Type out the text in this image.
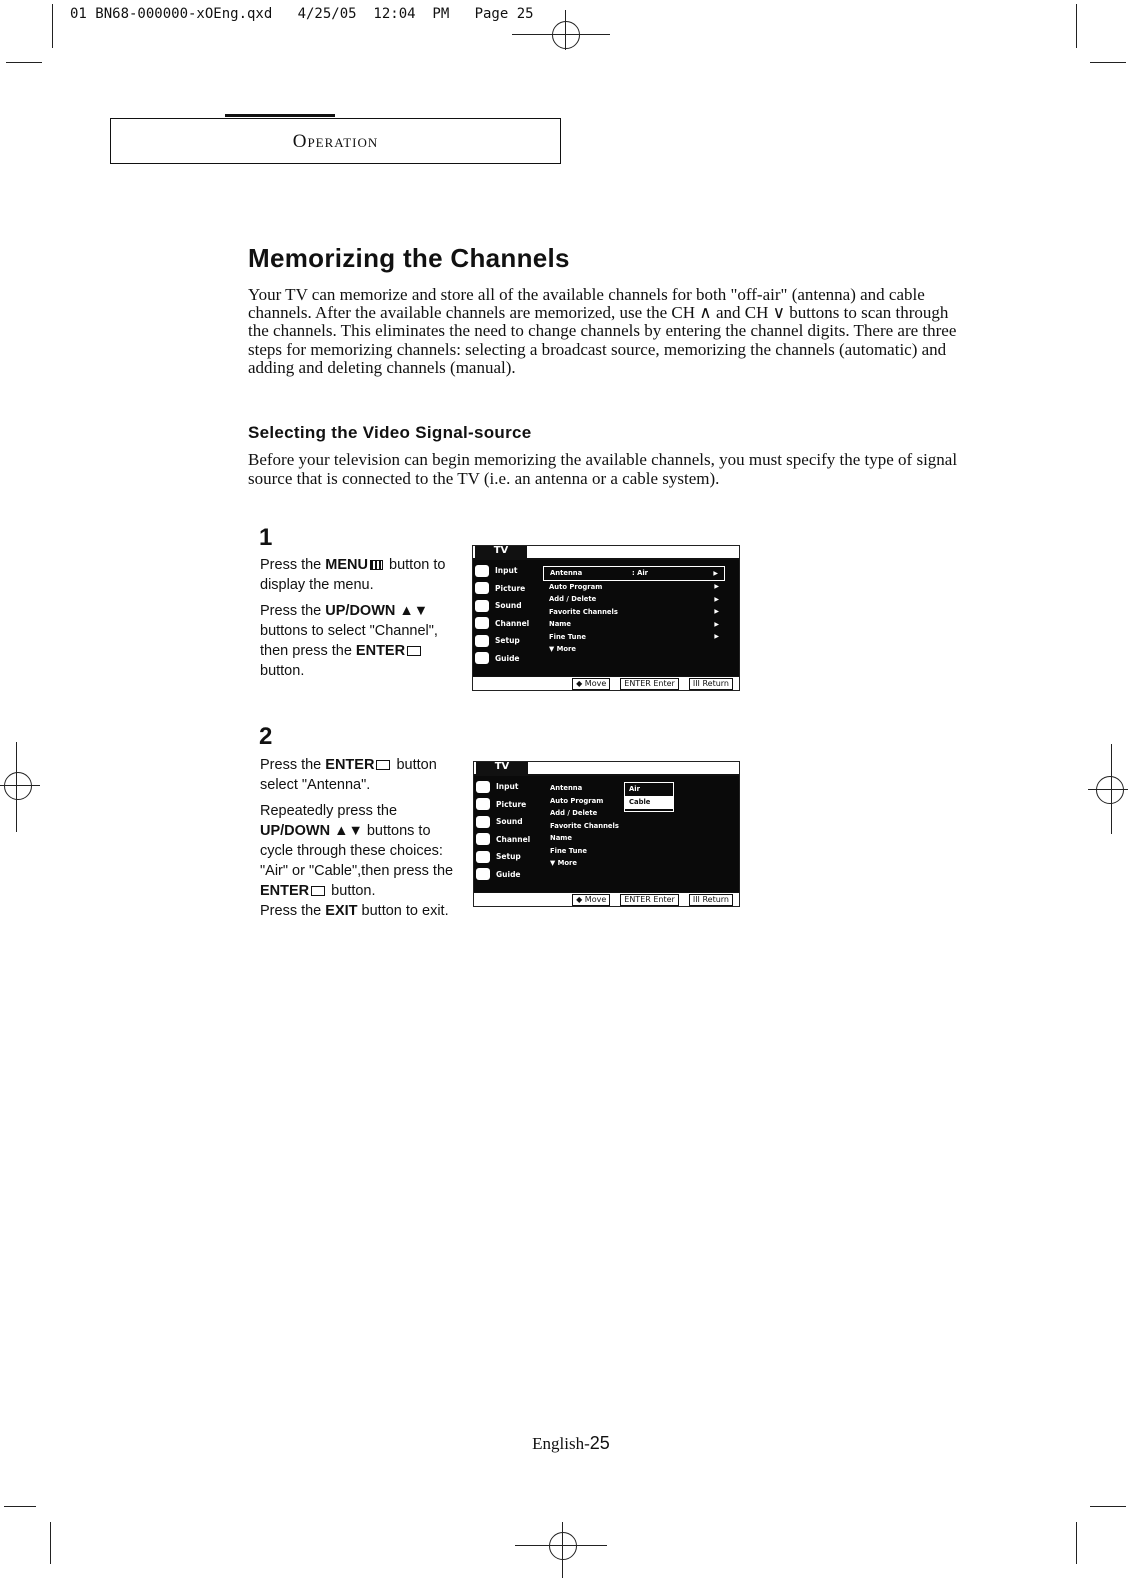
01 BN68-000000-xOEng.qxd   4/25/05  12:04  PM   Page 25
Operation
Memorizing the Channels
Your TV can memorize and store all of the available channels for both "off-air" (antenna) and cable channels. After the available channels are memorized, use the CH ∧ and CH ∨ buttons to scan through the channels. This eliminates the need to change channels by entering the channel digits. There are three steps for memorizing channels: selecting a broadcast source, memorizing the channels (automatic) and adding and deleting channels (manual).
Selecting the Video Signal-source
Before your television can begin memorizing the available channels, you must specify the type of signal source that is connected to the TV (i.e. an antenna or a cable system).
1

Press the MENU button to display the menu.

Press the UP/DOWN ▲▼ buttons to select "Channel", then press the ENTER button.

TV
Input
Picture
Sound
Channel
Setup
Guide
Antenna	: Air	▶
Auto Program	▶
Add / Delete	▶
Favorite Channels	▶
Name	▶
Fine Tune	▶
▼ More
◆ Move	ENTER Enter	III Return
2

Press the ENTER button select "Antenna".

Repeatedly press the UP/DOWN ▲▼ buttons to cycle through these choices: "Air" or "Cable",then press the ENTER button.

Press the EXIT button to exit.

TV
Input
Picture
Sound
Channel
Setup
Guide
Antenna
Auto Program
Add / Delete
Favorite Channels
Name
Fine Tune
▼ More
Air
Cable
◆ Move	ENTER Enter	III Return
English-25
